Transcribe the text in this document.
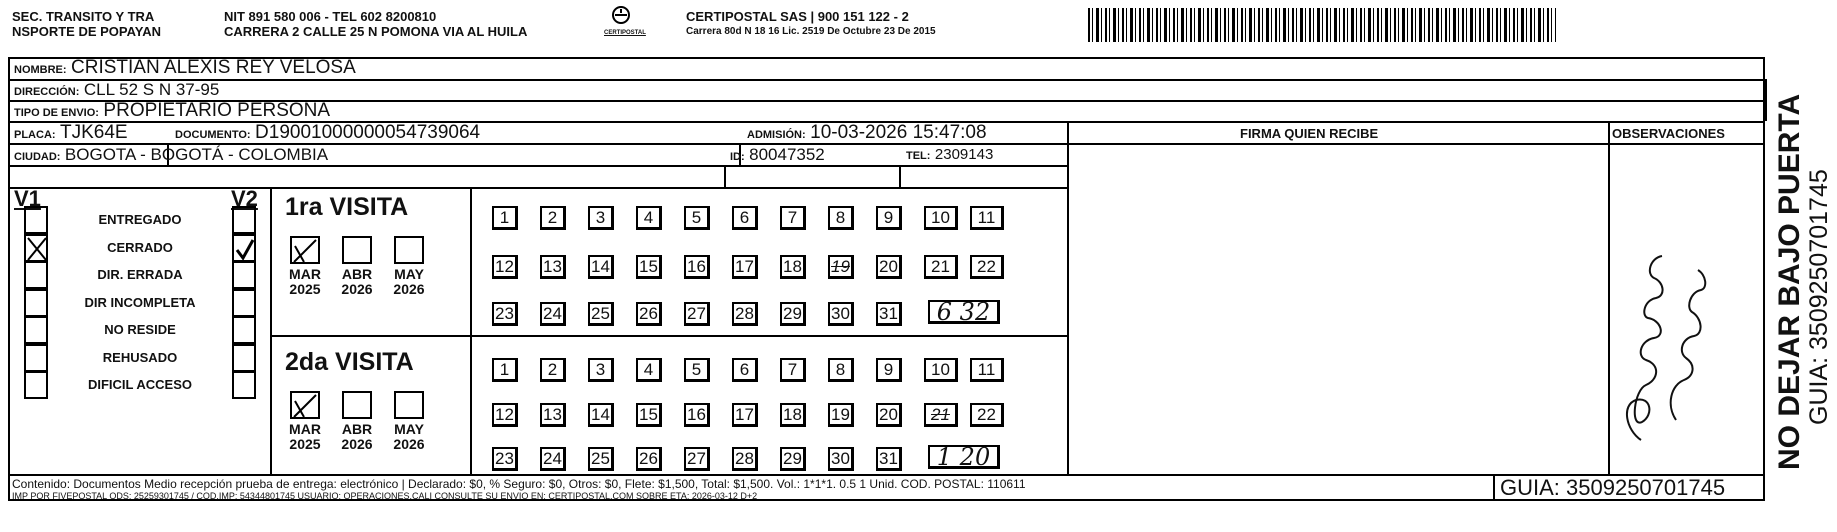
SEC. TRANSITO Y TRA
NSPORTE DE POPAYAN
NIT 891 580 006 - TEL 602 8200810
CARRERA 2 CALLE 25 N POMONA VIA AL HUILA	CERTIPOSTAL
CERTIPOSTAL SAS | 900 151 122 - 2
Carrera 80d N 18 16 Lic. 2519 De Octubre 23 De 2015
NOMBRE: CRISTIAN ALEXIS REY VELOSA
DIRECCIÓN: CLL 52 S N 37-95
TIPO DE ENVIO: PROPIETARIO PERSONA
FIRMA QUIEN RECIBE	OBSERVACIONES
PLACA: TJK64E	DOCUMENTO: D19001000000054739064	ADMISIÓN: 10-03-2026 15:47:08
CIUDAD: BOGOTA - BOGOTÁ - COLOMBIA	ID: 80047352	TEL: 2309143
V1	V2
ENTREGADO
CERRADO
DIR. ERRADA
DIR INCOMPLETA
NO RESIDE
REHUSADO
DIFICIL ACCESO
1ra VISITA
2da VISITA
MAR
2025
ABR
2026
MAY
2026
MAR
2025
ABR
2026
MAY
2026
1	2	3	4	5	6	7	8	9	10	11
12 13 14 15 16 17 18 19 20	21	22
23 24 25 26 27 28 29 30 31	6 32
1	2	3	4	5	6	7	8	9	10	11
12 13 14 15 16 17 18 19 20	21	22
23 24 25 26 27 28 29 30 31	1 20	NO DEJAR BAJO PUERTA GUIA: 3509250701745
Contenido: Documentos Medio recepción prueba de entrega: electrónico | Declarado: $0, % Seguro: $0, Otros: $0, Flete: $1,500, Total: $1,500. Vol.: 1*1*1. 0.5 1 Unid. COD. POSTAL: 110611
IMP POR FIVEPOSTAL ODS: 25259301745 / COD.IMP: 54344801745 USUARIO: OPERACIONES.CALI CONSULTE SU ENVIO EN: CERTIPOSTAL.COM SOBRE ETA: 2026-03-12 D+2	GUIA: 3509250701745
